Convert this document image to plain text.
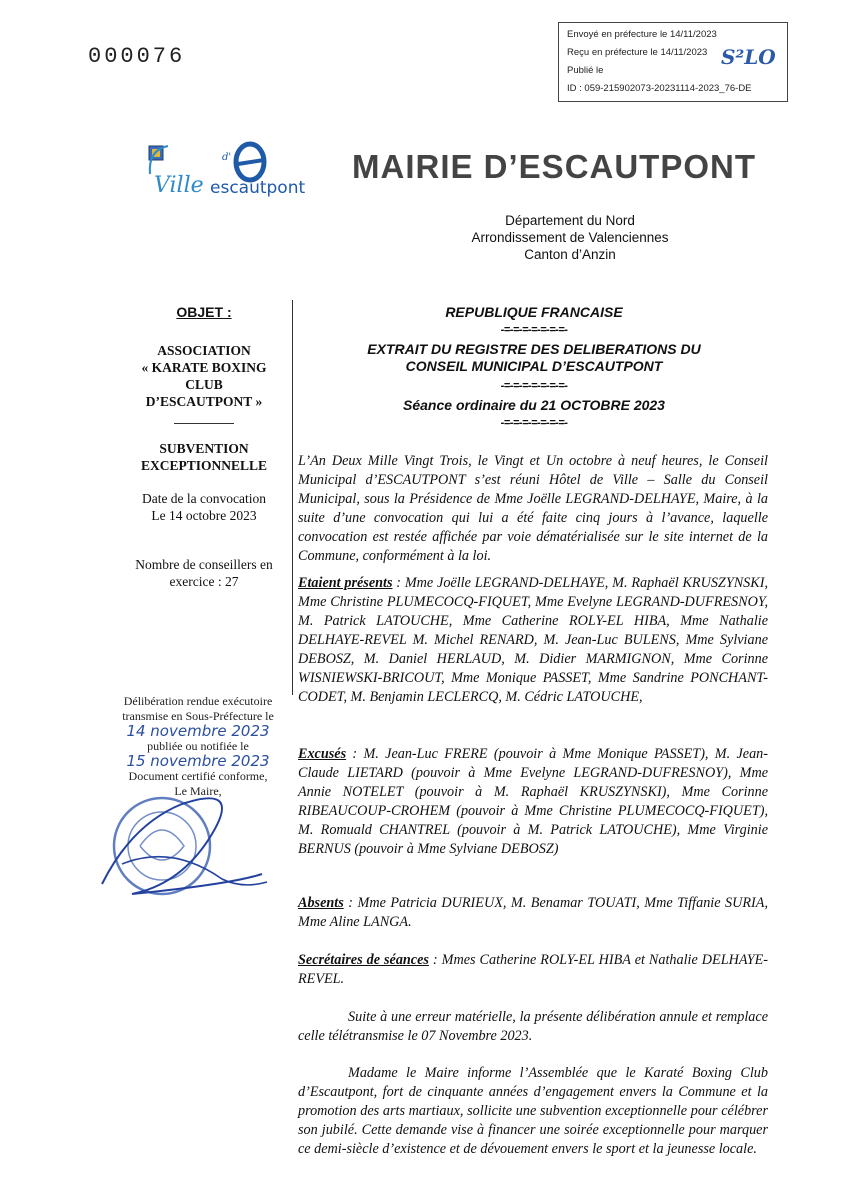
000076
Envoyé en préfecture le 14/11/2023
Reçu en préfecture le 14/11/2023
Publié le
ID : 059-215902073-20231114-2023_76-DE
S²LO
Ville
d'
escautpont
MAIRIE D’ESCAUTPONT
Département du Nord
Arrondissement de Valenciennes
Canton d’Anzin
OBJET :
ASSOCIATION
« KARATE BOXING
CLUB
D’ESCAUTPONT »
SUBVENTION
EXCEPTIONNELLE
Date de la convocation
Le 14 octobre 2023
Nombre de conseillers en
exercice : 27
Délibération rendue exécutoire
transmise en Sous-Préfecture le
14 novembre 2023
publiée ou notifiée le
15 novembre 2023
Document certifié conforme,
Le Maire,
REPUBLIQUE FRANCAISE
-=-=-=-=-=-=-=-
EXTRAIT DU REGISTRE DES DELIBERATIONS DU
CONSEIL MUNICIPAL D’ESCAUTPONT
-=-=-=-=-=-=-=-
Séance ordinaire du 21 OCTOBRE 2023
-=-=-=-=-=-=-=-
L’An Deux Mille Vingt Trois, le Vingt et Un octobre à neuf heures, le Conseil Municipal d’ESCAUTPONT s’est réuni Hôtel de Ville – Salle du Conseil Municipal, sous la Présidence de Mme Joëlle LEGRAND-DELHAYE, Maire, à la suite d’une convocation qui lui a été faite cinq jours à l’avance, laquelle convocation est restée affichée par voie dématérialisée sur le site internet de la Commune, conformément à la loi.
Etaient présents : Mme Joëlle LEGRAND-DELHAYE, M. Raphaël KRUSZYNSKI, Mme Christine PLUMECOCQ-FIQUET, Mme Evelyne LEGRAND-DUFRESNOY, M. Patrick LATOUCHE, Mme Catherine ROLY-EL HIBA, Mme Nathalie DELHAYE-REVEL M. Michel RENARD, M. Jean-Luc BULENS, Mme Sylviane DEBOSZ, M. Daniel HERLAUD, M. Didier MARMIGNON, Mme Corinne WISNIEWSKI-BRICOUT, Mme Monique PASSET, Mme Sandrine PONCHANT-CODET, M. Benjamin LECLERCQ, M. Cédric LATOUCHE,
Excusés : M. Jean-Luc FRERE (pouvoir à Mme Monique PASSET), M. Jean-Claude LIETARD (pouvoir à Mme Evelyne LEGRAND-DUFRESNOY), Mme Annie NOTELET (pouvoir à M. Raphaël KRUSZYNSKI), Mme Corinne RIBEAUCOUP-CROHEM (pouvoir à Mme Christine PLUMECOCQ-FIQUET), M. Romuald CHANTREL (pouvoir à M. Patrick LATOUCHE), Mme Virginie BERNUS (pouvoir à Mme Sylviane DEBOSZ)
Absents : Mme Patricia DURIEUX, M. Benamar TOUATI, Mme Tiffanie SURIA, Mme Aline LANGA.
Secrétaires de séances : Mmes Catherine ROLY-EL HIBA et Nathalie DELHAYE-REVEL.
Suite à une erreur matérielle, la présente délibération annule et remplace celle télétransmise le 07 Novembre 2023.
Madame le Maire informe l’Assemblée que le Karaté Boxing Club d’Escautpont, fort de cinquante années d’engagement envers la Commune et la promotion des arts martiaux, sollicite une subvention exceptionnelle pour célébrer son jubilé. Cette demande vise à financer une soirée exceptionnelle pour marquer ce demi-siècle d’existence et de dévouement envers le sport et la jeunesse locale.
